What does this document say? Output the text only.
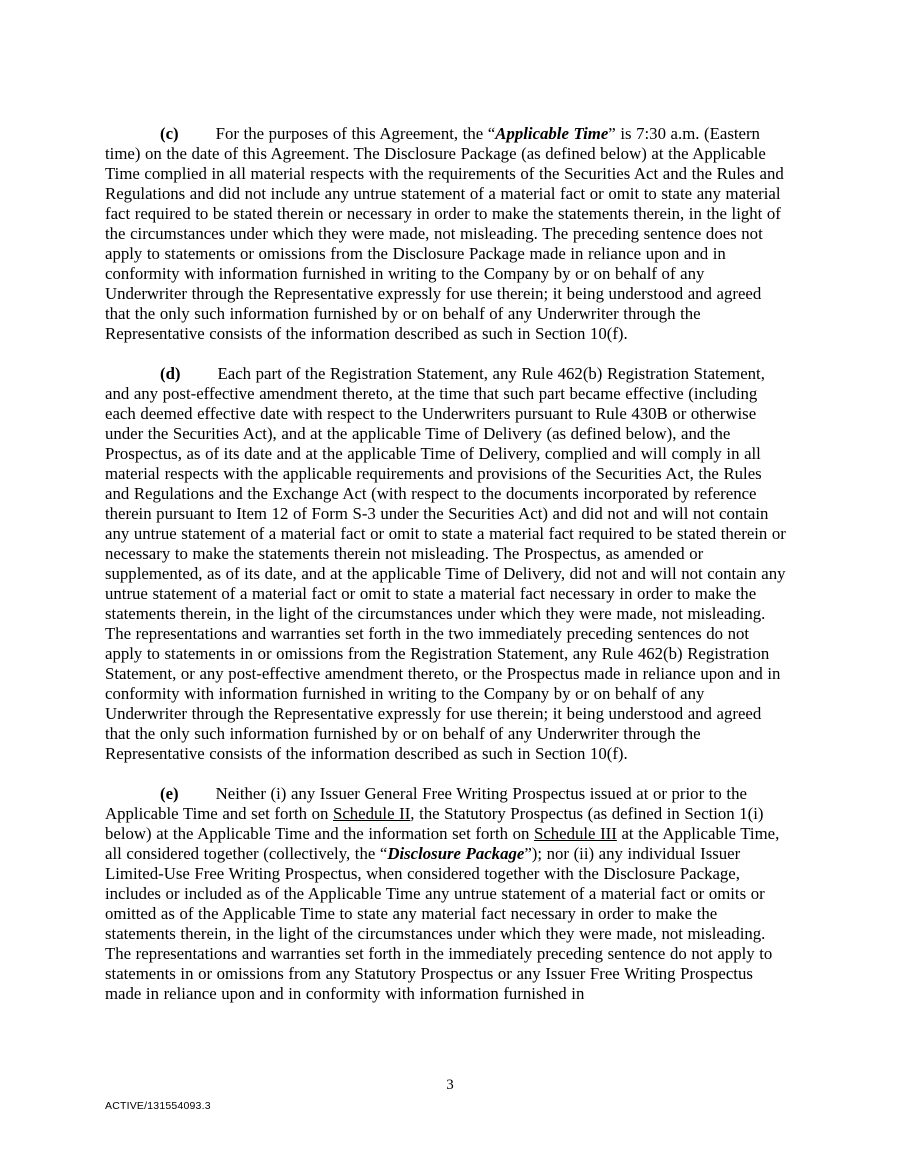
(c) For the purposes of this Agreement, the “Applicable Time” is 7:30 a.m. (Eastern time) on the date of this Agreement. The Disclosure Package (as defined below) at the Applicable Time complied in all material respects with the requirements of the Securities Act and the Rules and Regulations and did not include any untrue statement of a material fact or omit to state any material fact required to be stated therein or necessary in order to make the statements therein, in the light of the circumstances under which they were made, not misleading. The preceding sentence does not apply to statements or omissions from the Disclosure Package made in reliance upon and in conformity with information furnished in writing to the Company by or on behalf of any Underwriter through the Representative expressly for use therein; it being understood and agreed that the only such information furnished by or on behalf of any Underwriter through the Representative consists of the information described as such in Section 10(f).

(d) Each part of the Registration Statement, any Rule 462(b) Registration Statement, and any post-effective amendment thereto, at the time that such part became effective (including each deemed effective date with respect to the Underwriters pursuant to Rule 430B or otherwise under the Securities Act), and at the applicable Time of Delivery (as defined below), and the Prospectus, as of its date and at the applicable Time of Delivery, complied and will comply in all material respects with the applicable requirements and provisions of the Securities Act, the Rules and Regulations and the Exchange Act (with respect to the documents incorporated by reference therein pursuant to Item 12 of Form S-3 under the Securities Act) and did not and will not contain any untrue statement of a material fact or omit to state a material fact required to be stated therein or necessary to make the statements therein not misleading. The Prospectus, as amended or supplemented, as of its date, and at the applicable Time of Delivery, did not and will not contain any untrue statement of a material fact or omit to state a material fact necessary in order to make the statements therein, in the light of the circumstances under which they were made, not misleading. The representations and warranties set forth in the two immediately preceding sentences do not apply to statements in or omissions from the Registration Statement, any Rule 462(b) Registration Statement, or any post-effective amendment thereto, or the Prospectus made in reliance upon and in conformity with information furnished in writing to the Company by or on behalf of any Underwriter through the Representative expressly for use therein; it being understood and agreed that the only such information furnished by or on behalf of any Underwriter through the Representative consists of the information described as such in Section 10(f).

(e) Neither (i) any Issuer General Free Writing Prospectus issued at or prior to the Applicable Time and set forth on Schedule II, the Statutory Prospectus (as defined in Section 1(i) below) at the Applicable Time and the information set forth on Schedule III at the Applicable Time, all considered together (collectively, the “Disclosure Package”); nor (ii) any individual Issuer Limited-Use Free Writing Prospectus, when considered together with the Disclosure Package, includes or included as of the Applicable Time any untrue statement of a material fact or omits or omitted as of the Applicable Time to state any material fact necessary in order to make the statements therein, in the light of the circumstances under which they were made, not misleading. The representations and warranties set forth in the immediately preceding sentence do not apply to statements in or omissions from any Statutory Prospectus or any Issuer Free Writing Prospectus made in reliance upon and in conformity with information furnished in

3
ACTIVE/131554093.3
